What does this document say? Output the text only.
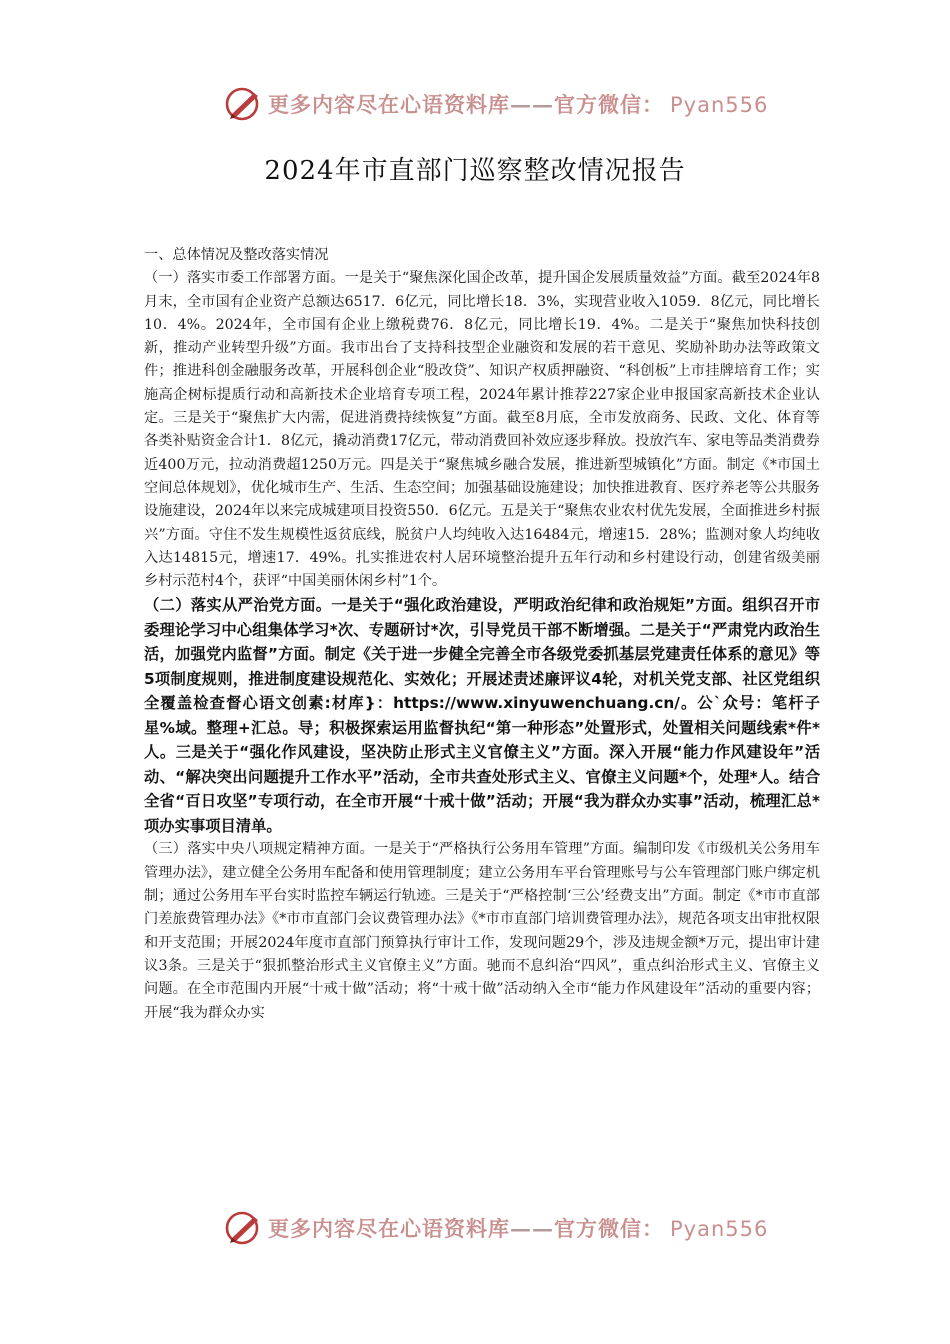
更多内容尽在心语资料库——官方微信： Pyan556
2024年市直部门巡察整改情况报告

一、总体情况及整改落实情况

（一）落实市委工作部署方面。一是关于“聚焦深化国企改革，提升国企发展质量效益”方面。截至2024年8月末，全市国有企业资产总额达6517．6亿元，同比增长18．3%，实现营业收入1059．8亿元，同比增长10．4%。2024年，全市国有企业上缴税费76．8亿元，同比增长19．4%。二是关于“聚焦加快科技创新，推动产业转型升级”方面。我市出台了支持科技型企业融资和发展的若干意见、奖励补助办法等政策文件；推进科创金融服务改革，开展科创企业“股改贷”、知识产权质押融资、“科创板”上市挂牌培育工作；实施高企树标提质行动和高新技术企业培育专项工程，2024年累计推荐227家企业申报国家高新技术企业认定。三是关于“聚焦扩大内需，促进消费持续恢复”方面。截至8月底，全市发放商务、民政、文化、体育等各类补贴资金合计1．8亿元，撬动消费17亿元，带动消费回补效应逐步释放。投放汽车、家电等品类消费券近400万元，拉动消费超1250万元。四是关于“聚焦城乡融合发展，推进新型城镇化”方面。制定《*市国土空间总体规划》，优化城市生产、生活、生态空间；加强基础设施建设；加快推进教育、医疗养老等公共服务设施建设，2024年以来完成城建项目投资550．6亿元。五是关于“聚焦农业农村优先发展，全面推进乡村振兴”方面。守住不发生规模性返贫底线，脱贫户人均纯收入达16484元，增速15．28%；监测对象人均纯收入达14815元，增速17．49%。扎实推进农村人居环境整治提升五年行动和乡村建设行动，创建省级美丽乡村示范村4个，获评“中国美丽休闲乡村”1个。

（二）落实从严治党方面。一是关于“强化政治建设，严明政治纪律和政治规矩”方面。组织召开市委理论学习中心组集体学习*次、专题研讨*次，引导党员干部不断增强。二是关于“严肃党内政治生活，加强党内监督”方面。制定《关于进一步健全完善全市各级党委抓基层党建责任体系的意见》等5项制度规则，推进制度建设规范化、实效化；开展述责述廉评议4轮，对机关党支部、社区党组织全覆盖检查督心语文创素:材库}：https://www.xinyuwenchuang.cn/。公`众号：笔杆子星%域。整理+汇总。导；积极探索运用监督执纪“第一种形态”处置形式，处置相关问题线索*件*人。三是关于“强化作风建设，坚决防止形式主义官僚主义”方面。深入开展“能力作风建设年”活动、“解决突出问题提升工作水平”活动，全市共查处形式主义、官僚主义问题*个，处理*人。结合全省“百日攻坚”专项行动，在全市开展“十戒十做”活动；开展“我为群众办实事”活动，梳理汇总*项办实事项目清单。

（三）落实中央八项规定精神方面。一是关于“严格执行公务用车管理”方面。编制印发《市级机关公务用车管理办法》，建立健全公务用车配备和使用管理制度；建立公务用车平台管理账号与公车管理部门账户绑定机制；通过公务用车平台实时监控车辆运行轨迹。三是关于“严格控制‘三公’经费支出”方面。制定《*市市直部门差旅费管理办法》《*市市直部门会议费管理办法》《*市市直部门培训费管理办法》，规范各项支出审批权限和开支范围；开展2024年度市直部门预算执行审计工作，发现问题29个，涉及违规金额*万元，提出审计建议3条。三是关于“狠抓整治形式主义官僚主义”方面。驰而不息纠治“四风”，重点纠治形式主义、官僚主义问题。在全市范围内开展“十戒十做”活动；将“十戒十做”活动纳入全市“能力作风建设年”活动的重要内容；开展“我为群众办实

更多内容尽在心语资料库——官方微信： Pyan556
